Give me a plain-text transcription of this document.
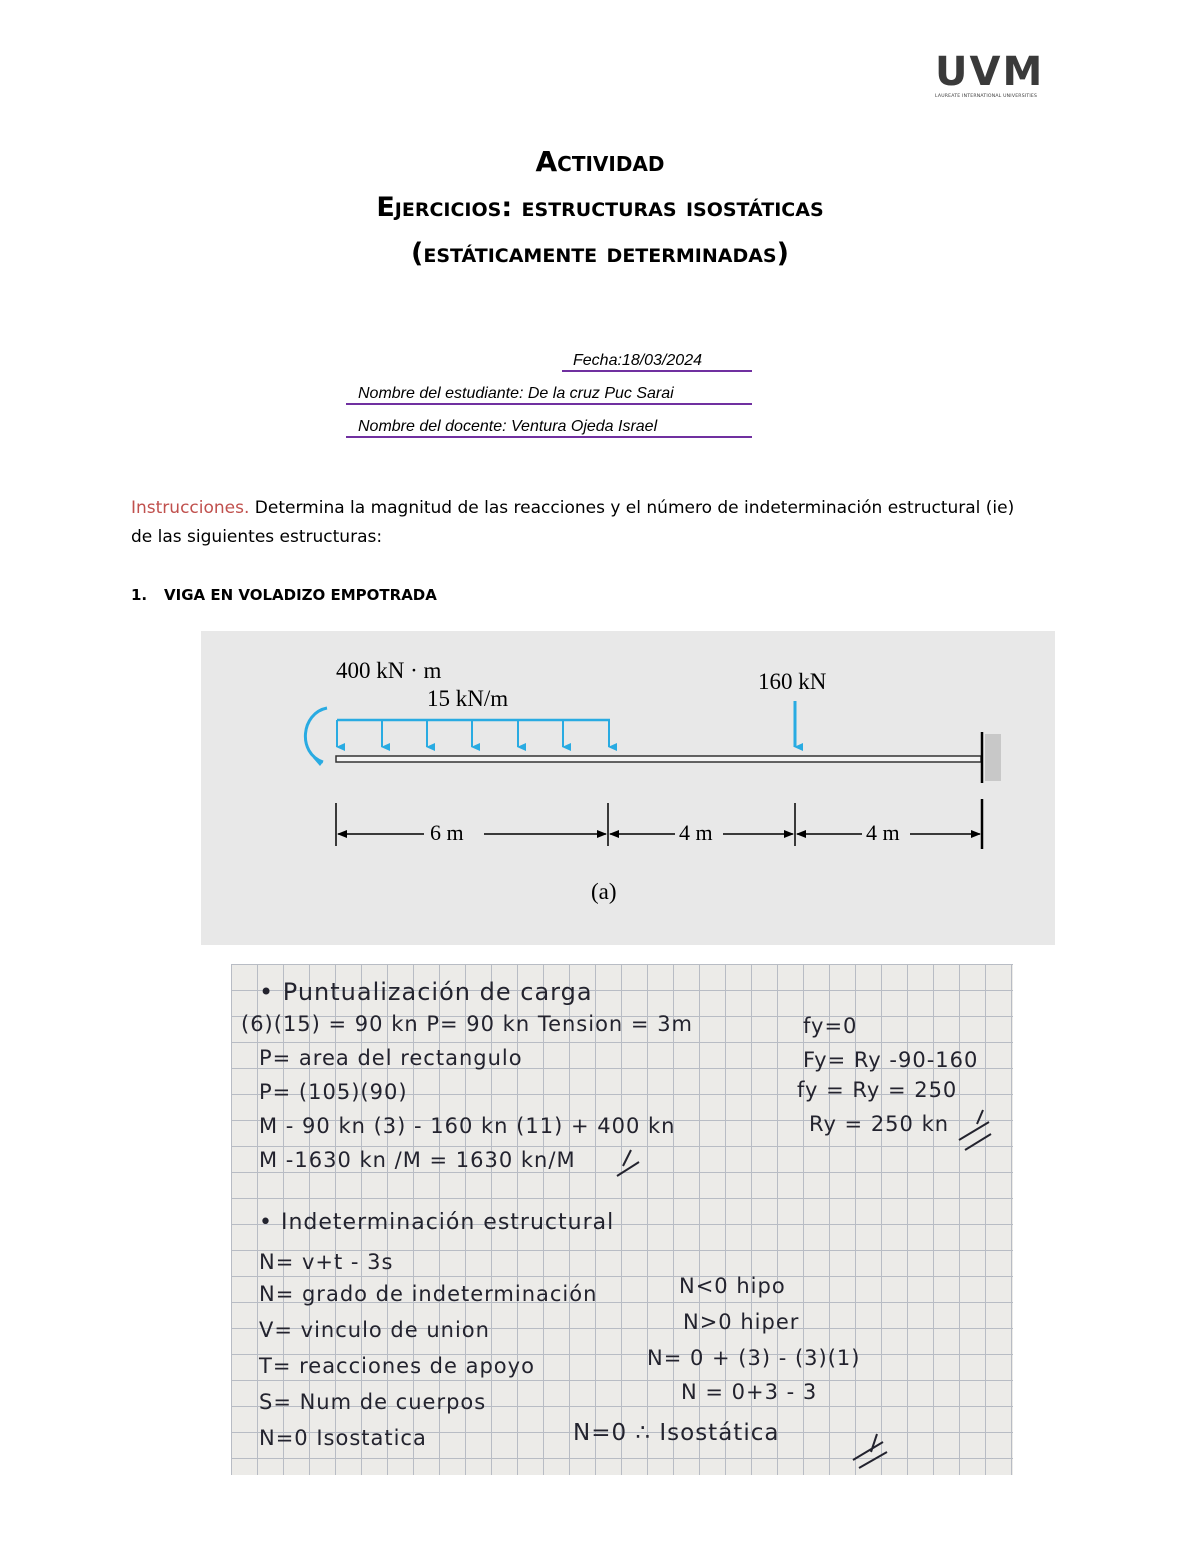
UVM
LAUREATE INTERNATIONAL UNIVERSITIES
Actividad
Ejercicios: estructuras isostáticas
(estáticamente determinadas)
Fecha:18/03/2024
Nombre del estudiante: De la cruz Puc Sarai
Nombre del docente: Ventura Ojeda Israel
Instrucciones. Determina la magnitud de las reacciones y el número de indeterminación estructural (ie) de las siguientes estructuras:
1. VIGA EN VOLADIZO EMPOTRADA
400 kN · m
15 kN/m
160 kN
6 m	4 m	4 m
(a)
• Puntualización de carga
(6)(15) = 90 kn P= 90 kn Tension = 3m
P= area del rectangulo
P= (105)(90)
M - 90 kn (3) - 160 kn (11) + 400 kn
M -1630 kn /M = 1630 kn/M
fy=0
Fy= Ry -90-160
fy = Ry = 250
Ry = 250 kn
• Indeterminación estructural
N= v+t - 3s
N= grado de indeterminación
V= vinculo de union
T= reacciones de apoyo
S= Num de cuerpos
N=0 Isostatica
N<0 hipo
N>0 hiper
N= 0 + (3) - (3)(1)
N = 0+3 - 3
N=0 ∴ Isostática
